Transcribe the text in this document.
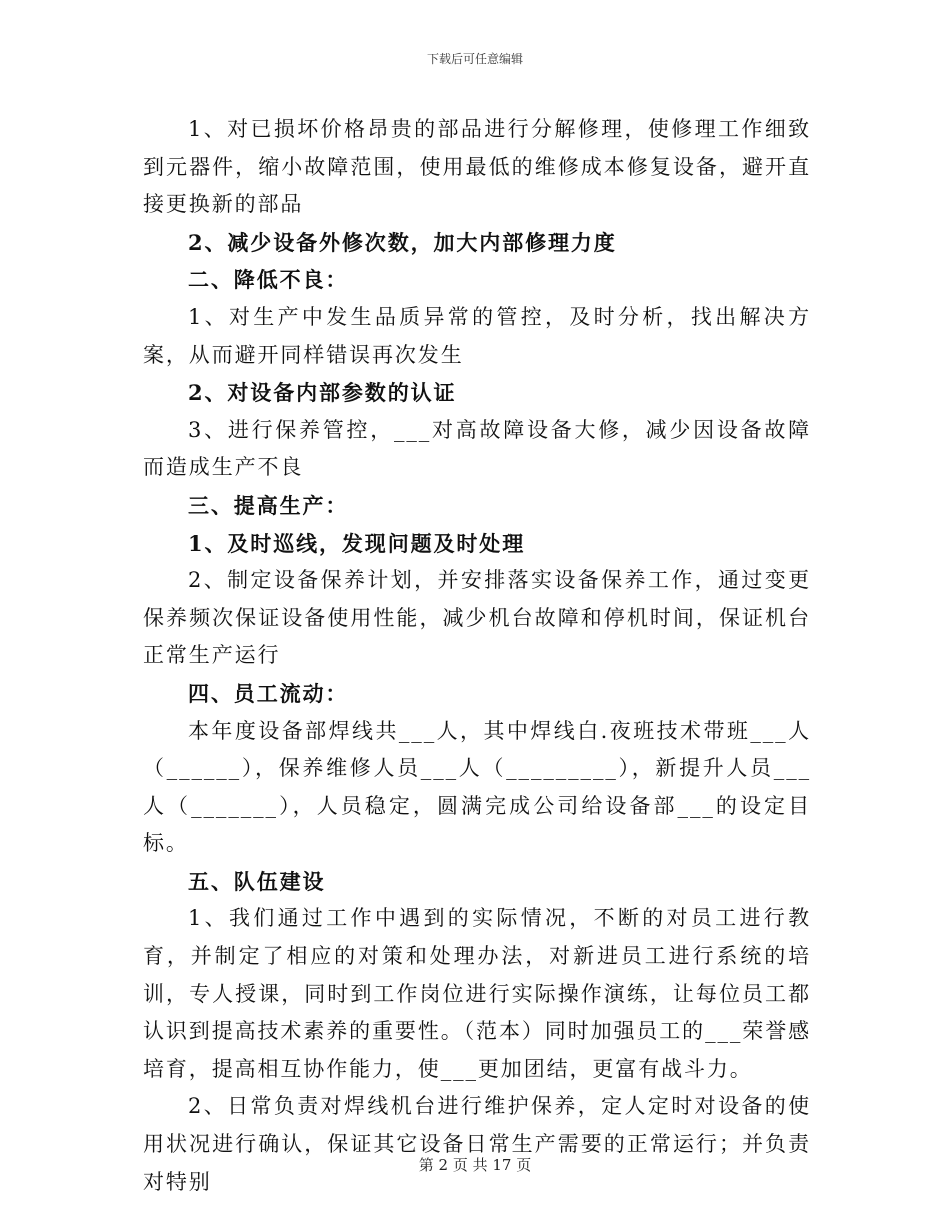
下载后可任意编辑

1、对已损坏价格昂贵的部品进行分解修理，使修理工作细致到元器件，缩小故障范围，使用最低的维修成本修复设备，避开直接更换新的部品

2、减少设备外修次数，加大内部修理力度

二、降低不良：

1、对生产中发生品质异常的管控，及时分析，找出解决方案，从而避开同样错误再次发生

2、对设备内部参数的认证

3、进行保养管控，___对高故障设备大修，减少因设备故障而造成生产不良

三、提高生产：

1、及时巡线，发现问题及时处理

2、制定设备保养计划，并安排落实设备保养工作，通过变更保养频次保证设备使用性能，减少机台故障和停机时间，保证机台正常生产运行

四、员工流动：

本年度设备部焊线共___人，其中焊线白.夜班技术带班___人（______），保养维修人员___人（_________），新提升人员___人（_______），人员稳定，圆满完成公司给设备部___的设定目标。

五、队伍建设

1、我们通过工作中遇到的实际情况，不断的对员工进行教育，并制定了相应的对策和处理办法，对新进员工进行系统的培训，专人授课，同时到工作岗位进行实际操作演练，让每位员工都认识到提高技术素养的重要性。（范本）同时加强员工的___荣誉感培育，提高相互协作能力，使___更加团结，更富有战斗力。

2、日常负责对焊线机台进行维护保养，定人定时对设备的使用状况进行确认，保证其它设备日常生产需要的正常运行；并负责对特别

第 2 页 共 17 页
